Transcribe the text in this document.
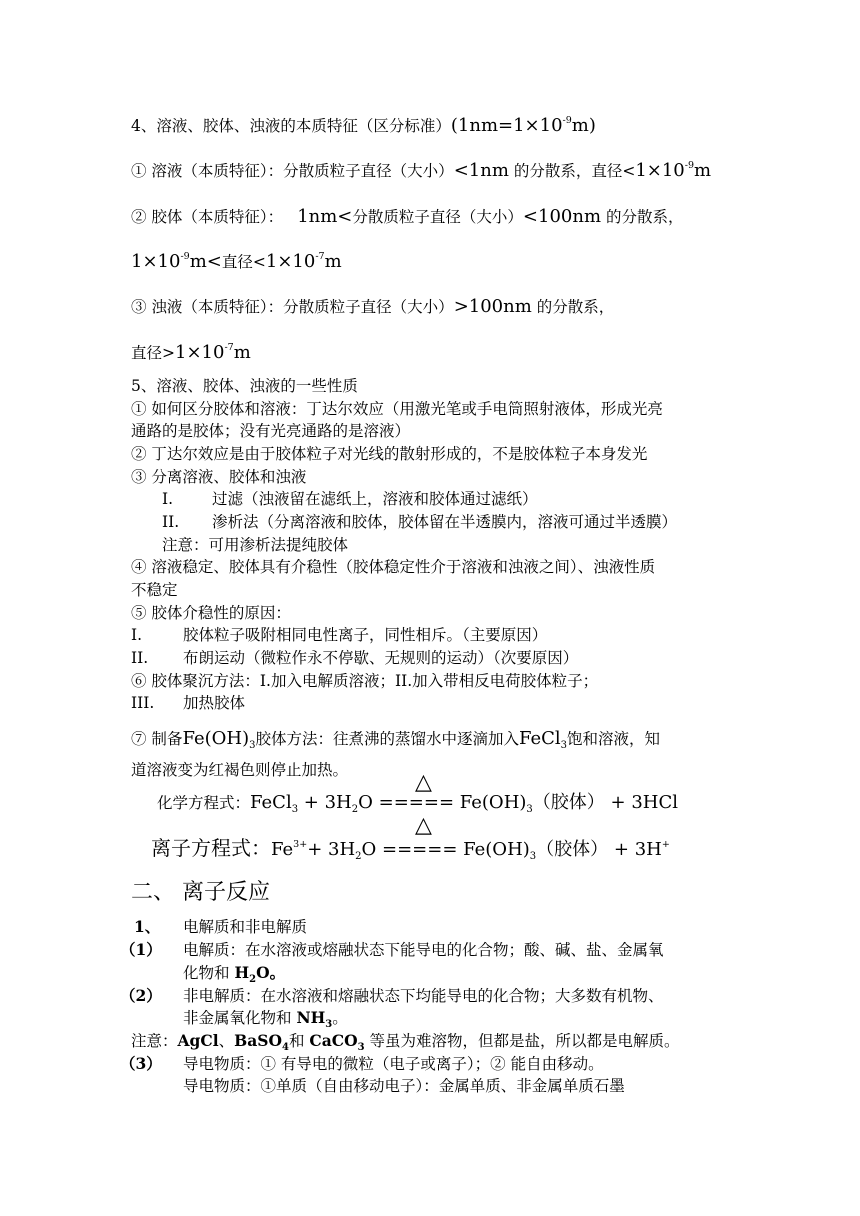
4、溶液、胶体、浊液的本质特征（区分标准）$(1nm=1\times 10^{-9}m)$
① 溶液（本质特征）：分散质粒子直径（大小）<1nm 的分散系，直径$<1\times 10^{-9}m$
② 胶体（本质特征）： 1nm<分散质粒子直径（大小）<100nm 的分散系，
$1\times 10^{-9}m<$直径$<1\times 10^{-7}m$
③ 浊液（本质特征）：分散质粒子直径（大小）>100nm 的分散系，
直径$>1\times 10^{-7}m$
5、溶液、胶体、浊液的一些性质
① 如何区分胶体和溶液：丁达尔效应（用激光笔或手电筒照射液体，形成光亮
通路的是胶体；没有光亮通路的是溶液）
② 丁达尔效应是由于胶体粒子对光线的散射形成的，不是胶体粒子本身发光
③ 分离溶液、胶体和浊液
I.	过滤（浊液留在滤纸上，溶液和胶体通过滤纸）
II. 渗析法（分离溶液和胶体，胶体留在半透膜内，溶液可通过半透膜）
注意：可用渗析法提纯胶体
④ 溶液稳定、胶体具有介稳性（胶体稳定性介于溶液和浊液之间）、浊液性质
不稳定
⑤ 胶体介稳性的原因：
I.	胶体粒子吸附相同电性离子，同性相斥。（主要原因）
II. 布朗运动（微粒作永不停歇、无规则的运动）（次要原因）
⑥ 胶体聚沉方法：I.加入电解质溶液；II.加入带相反电荷胶体粒子；
III. 加热胶体
⑦ 制备$Fe(OH)_3$胶体方法：往煮沸的蒸馏水中逐滴加入FeCl$_3$饱和溶液，知
道溶液变为红褐色则停止加热。	△
化学方程式：FeCl$_3$ + $3H_2O$ ===== $Fe(OH)_3$（胶体） + 3HCl
△
离子方程式：$Fe^{3+}+ 3H_2O$ ===== $Fe(OH)_3$（胶体） + 3H+
二、 离子反应
1、 电解质和非电解质
（1） 电解质：在水溶液或熔融状态下能导电的化合物；酸、碱、盐、金属氧
化物和 $H_2O$。
（2） 非电解质：在水溶液和熔融状态下均能导电的化合物；大多数有机物、
非金属氧化物和 $NH_3$。
注意：AgCl、BaSO$_4$和 CaCO$_3$ 等虽为难溶物，但都是盐，所以都是电解质。
（3） 导电物质：① 有导电的微粒（电子或离子）；② 能自由移动。
导电物质：①单质（自由移动电子）：金属单质、非金属单质石墨
